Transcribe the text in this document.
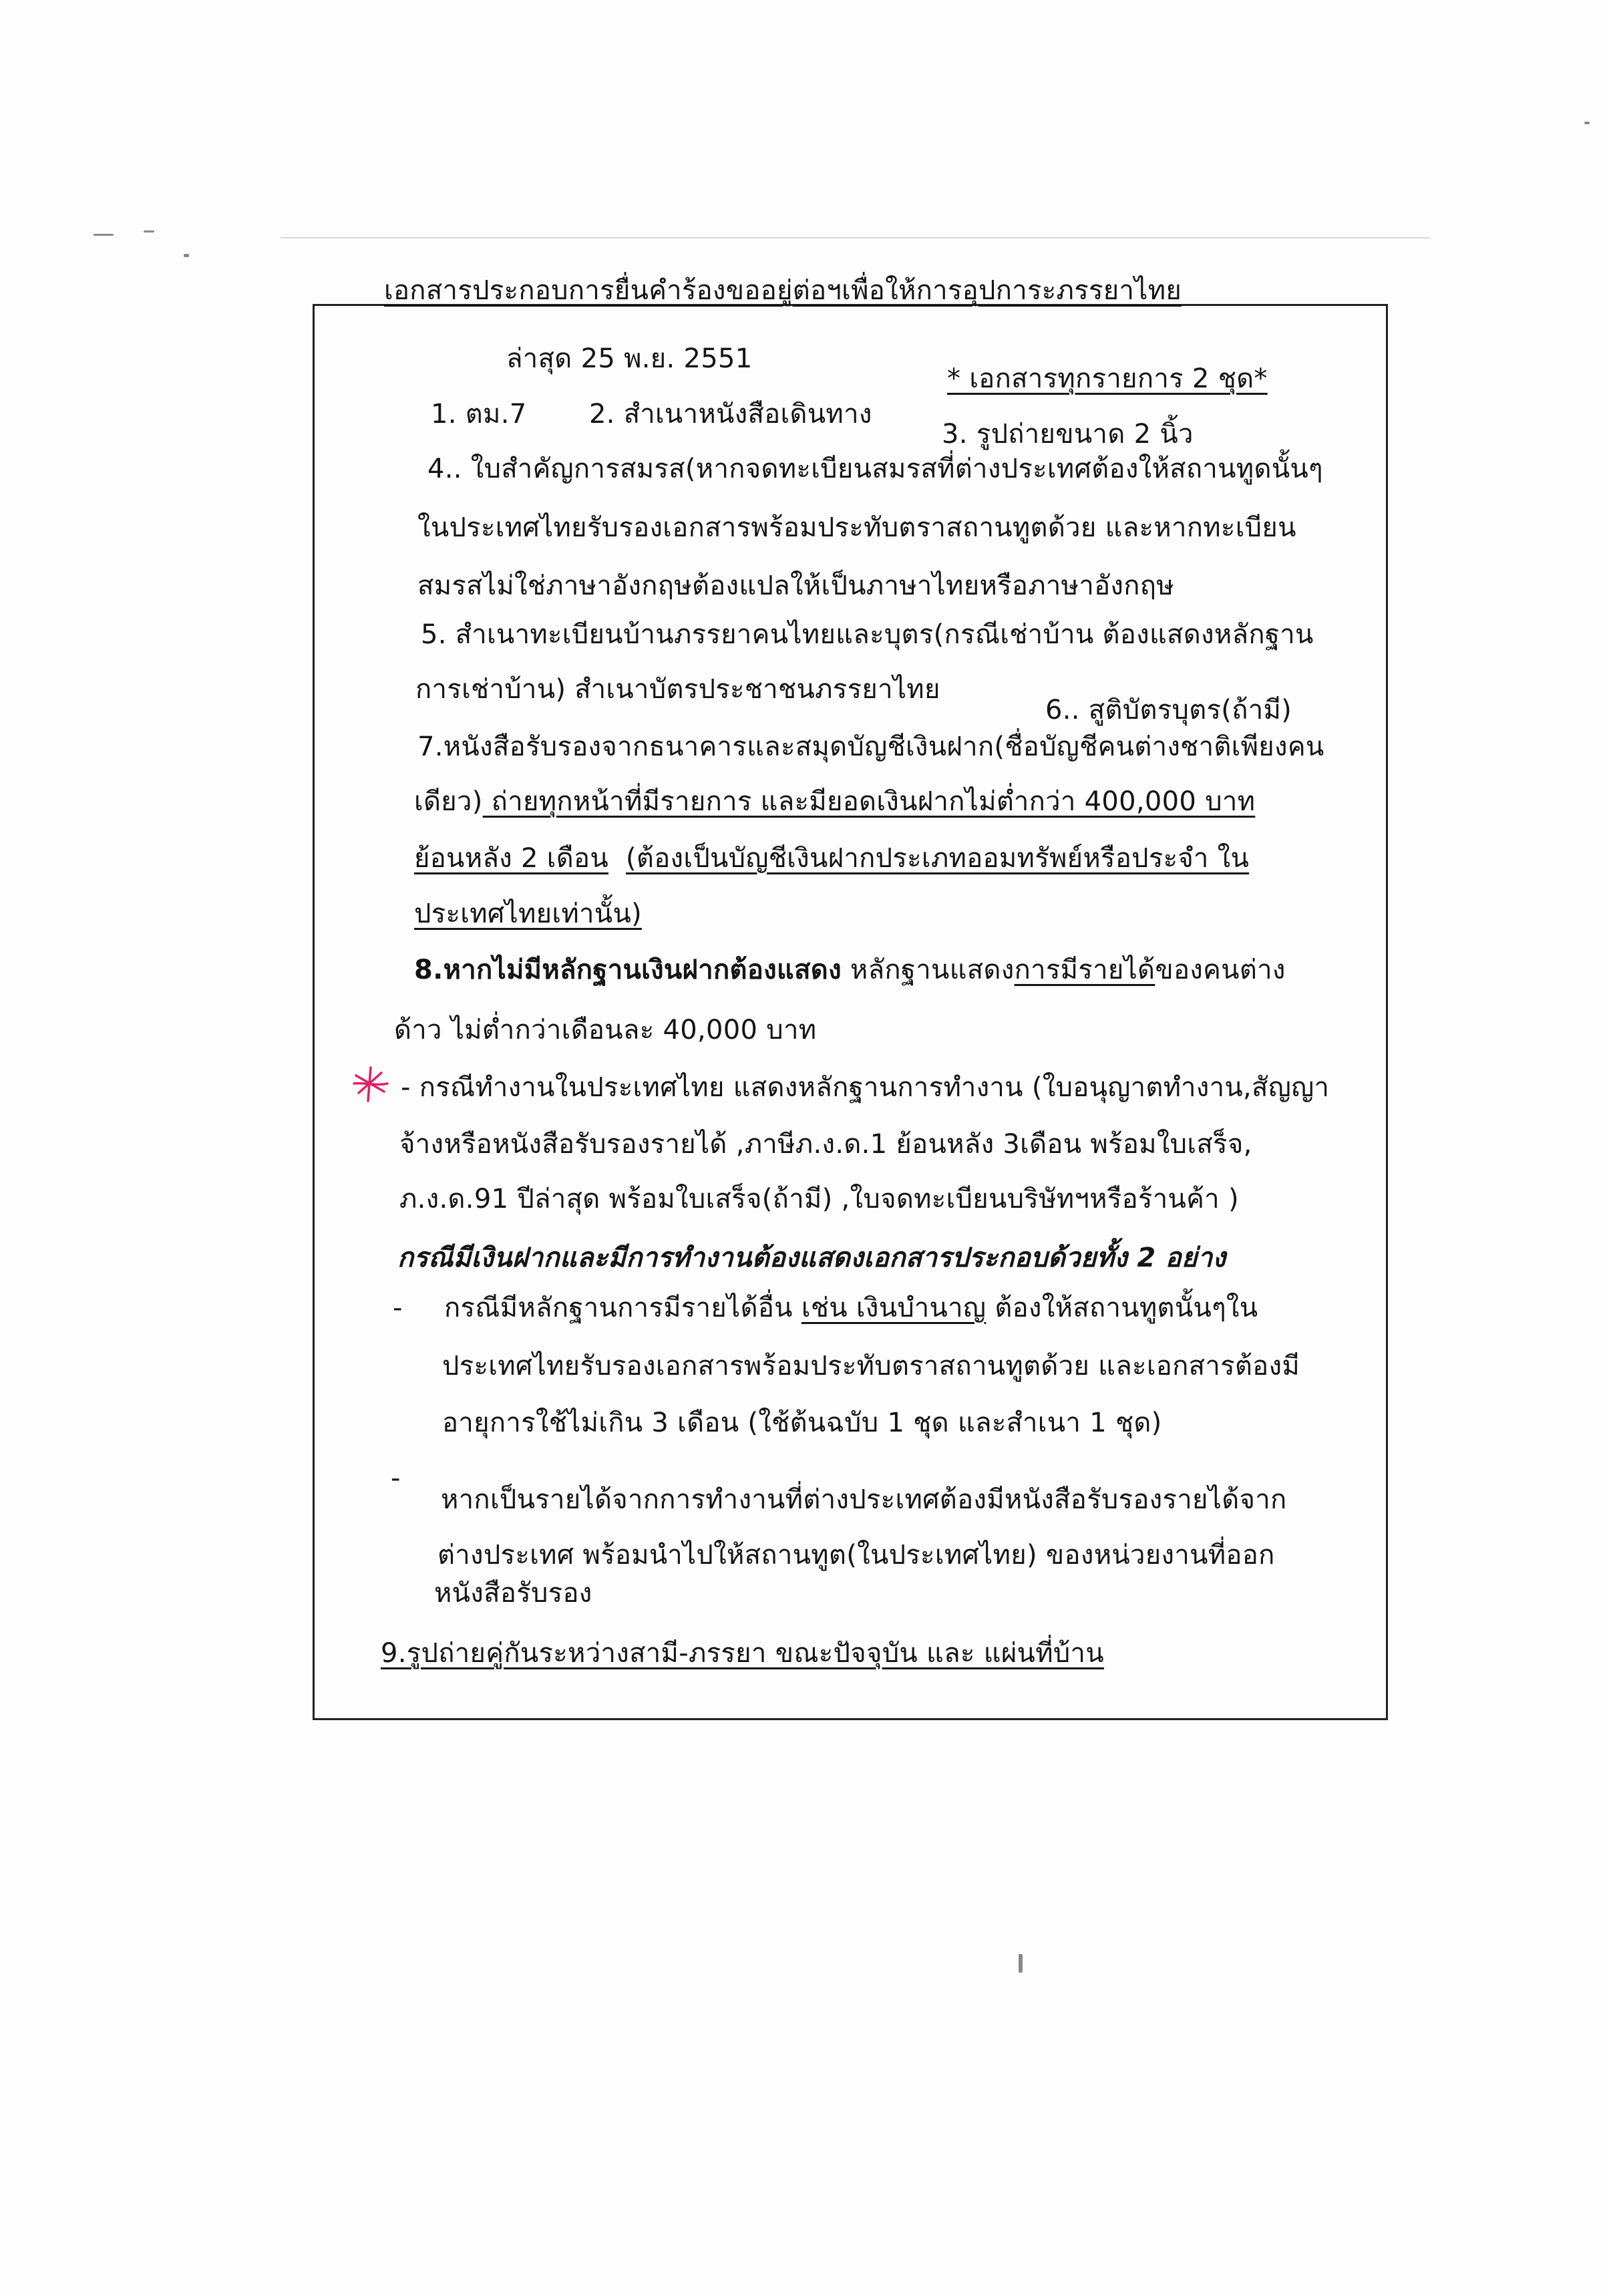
เอกสารประกอบการยื่นคำร้องขออยู่ต่อฯเพื่อให้การอุปการะภรรยาไทย
ล่าสุด 25 พ.ย. 2551
* เอกสารทุกรายการ 2 ชุด*
1. ตม.7 2. สำเนาหนังสือเดินทาง
3. รูปถ่ายขนาด 2 นิ้ว
4.. ใบสำคัญการสมรส(หากจดทะเบียนสมรสที่ต่างประเทศต้องให้สถานทูดนั้นๆ
ในประเทศไทยรับรองเอกสารพร้อมประทับตราสถานทูตด้วย และหากทะเบียน
สมรสไม่ใช่ภาษาอังกฤษต้องแปลให้เป็นภาษาไทยหรือภาษาอังกฤษ
5. สำเนาทะเบียนบ้านภรรยาคนไทยและบุตร(กรณีเช่าบ้าน ต้องแสดงหลักฐาน
การเช่าบ้าน) สำเนาบัตรประชาชนภรรยาไทย
6.. สูติบัตรบุตร(ถ้ามี)
7.หนังสือรับรองจากธนาคารและสมุดบัญชีเงินฝาก(ชื่อบัญชีคนต่างชาติเพียงคน
เดียว) ถ่ายทุกหน้าที่มีรายการ และมียอดเงินฝากไม่ต่ำกว่า 400,000 บาท
ย้อนหลัง 2 เดือน (ต้องเป็นบัญชีเงินฝากประเภทออมทรัพย์หรือประจำ ใน
ประเทศไทยเท่านั้น)
8.หากไม่มีหลักฐานเงินฝากต้องแสดง หลักฐานแสดงการมีรายได้ของคนต่าง
ด้าว ไม่ต่ำกว่าเดือนละ 40,000 บาท
- กรณีทำงานในประเทศไทย แสดงหลักฐานการทำงาน (ใบอนุญาตทำงาน,สัญญา
จ้างหรือหนังสือรับรองรายได้ ,ภาษีภ.ง.ด.1 ย้อนหลัง 3เดือน พร้อมใบเสร็จ,
ภ.ง.ด.91 ปีล่าสุด พร้อมใบเสร็จ(ถ้ามี) ,ใบจดทะเบียนบริษัทฯหรือร้านค้า )
กรณีมีเงินฝากและมีการทำงานต้องแสดงเอกสารประกอบด้วยทั้ง 2 อย่าง
- กรณีมีหลักฐานการมีรายได้อื่น เช่น เงินบำนาญ ต้องให้สถานทูตนั้นๆใน
ประเทศไทยรับรองเอกสารพร้อมประทับตราสถานทูตด้วย และเอกสารต้องมี
อายุการใช้ไม่เกิน 3 เดือน (ใช้ต้นฉบับ 1 ชุด และสำเนา 1 ชุด)
-
หากเป็นรายได้จากการทำงานที่ต่างประเทศต้องมีหนังสือรับรองรายได้จาก
ต่างประเทศ พร้อมนำไปให้สถานทูต(ในประเทศไทย) ของหน่วยงานที่ออก
หนังสือรับรอง
9.รูปถ่ายคู่กันระหว่างสามี-ภรรยา ขณะปัจจุบัน และ แผ่นที่บ้าน
